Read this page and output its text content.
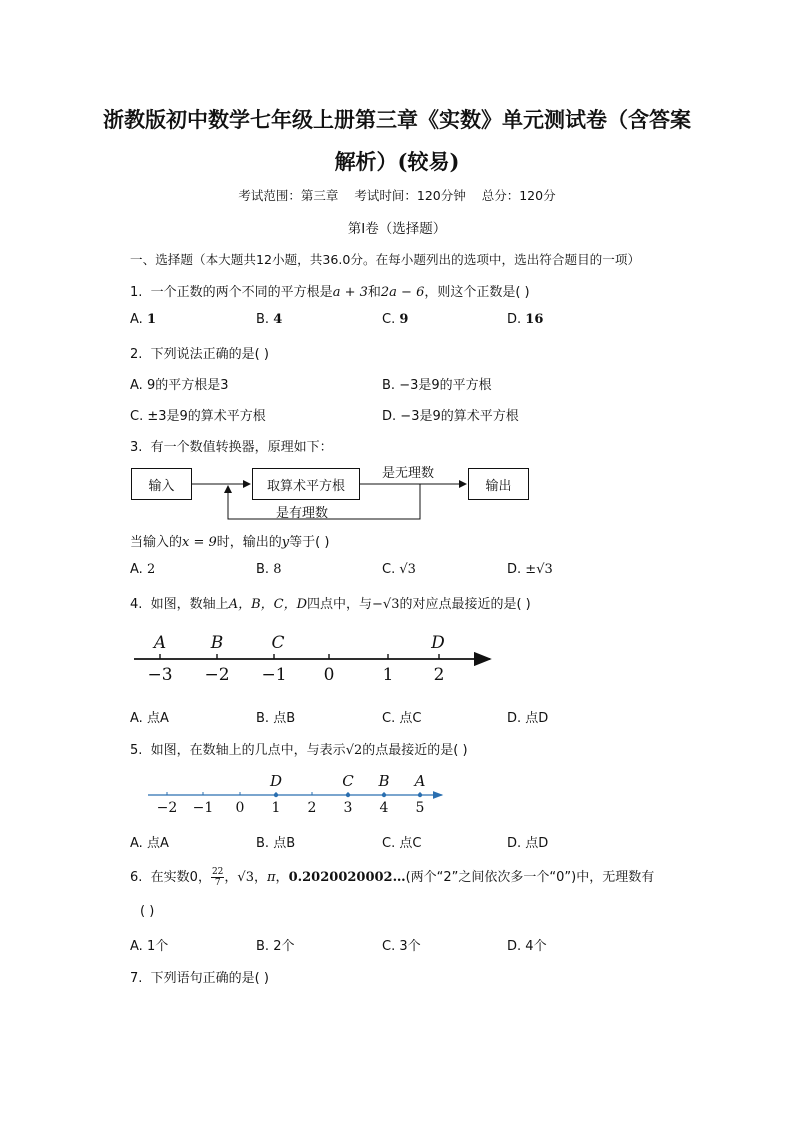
浙教版初中数学七年级上册第三章《实数》单元测试卷（含答案
解析）(较易)
考试范围：第三章 考试时间：120分钟 总分：120分
第I卷（选择题）
一、选择题（本大题共12小题，共36.0分。在每小题列出的选项中，选出符合题目的一项）
1. 一个正数的两个不同的平方根是a + 3和2a − 6，则这个正数是( )
A. 1	B. 4	C. 9	D. 16
2. 下列说法正确的是( )
A. 9的平方根是3	B. −3是9的平方根
C. ±3是9的算术平方根	D. −3是9的算术平方根
3. 有一个数值转换器，原理如下：
输入	取算术平方根	输出
是无理数
是有理数
当输入的x = 9时，输出的y等于( )
A. 2	B. 8	C. √3	D. ±√3
4. 如图，数轴上A，B，C，D四点中，与−√3的对应点最接近的是( )
−3 −2 −1 0	1 2
A	B	C	D
A. 点A	B. 点B	C. 点C	D. 点D
5. 如图，在数轴上的几点中，与表示√2的点最接近的是( )
−2 −1 0 1 2 3 4 5
D	C B A
A. 点A	B. 点B	C. 点C	D. 点D
6. 在实数0， $\frac{22}{7}$ ，√3，π，0.2020020002…(两个“2”之间依次多一个“0”)中，无理数有
( )
A. 1个	B. 2个	C. 3个	D. 4个
7. 下列语句正确的是( )
